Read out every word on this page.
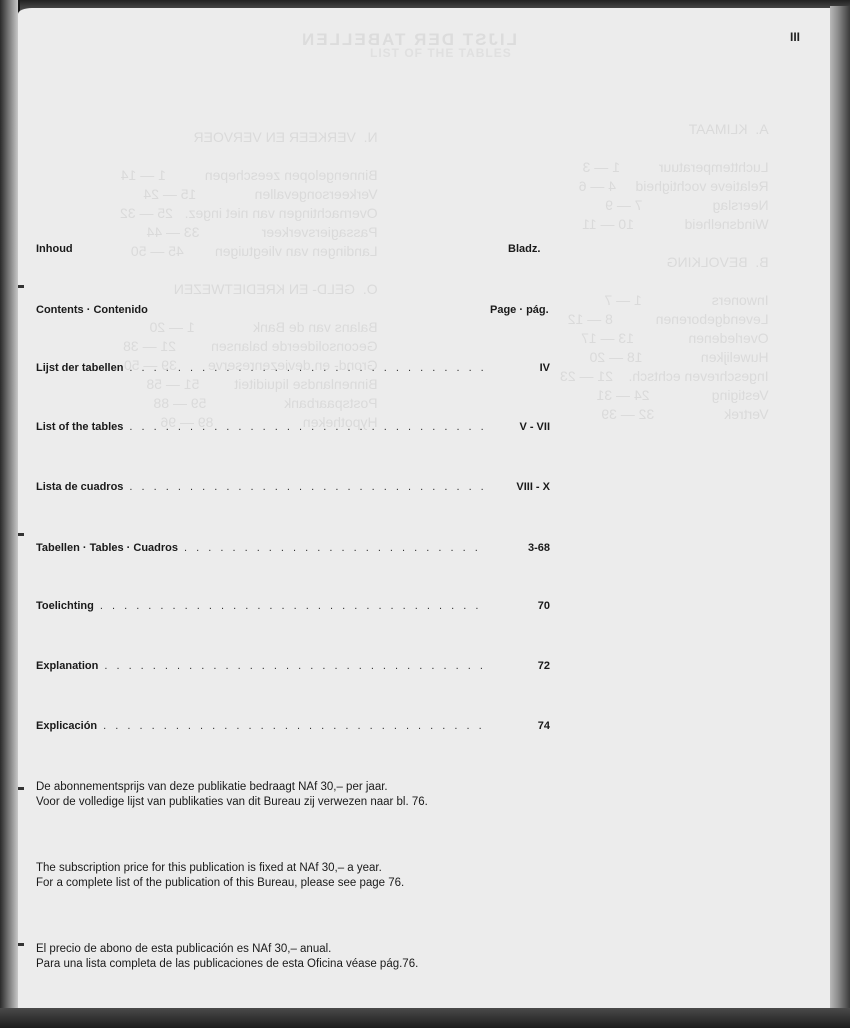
LIJST DER TABELLEN
LIST OF THE TABLES
N.  VERKEER EN VERVOER

Binnengelopen zeeschepen          1 — 14
Verkeersongevallen               15 — 24
Overnachtingen van niet ingez.   25 — 32
Passagiersverkeer                33 — 44
Landingen van vliegtuigen        45 — 50

O.  GELD- EN KREDIETWEZEN

Balans van de Bank               1 — 20
Geconsolideerde balansen         21 — 38
Grond- en deviezenreserve        39 — 50
Binnenlandse liquiditeit         51 — 58
Postspaarbank                    59 — 88
Hypotheken                       89 — 96
A.  KLIMAAT

Luchttemperatuur          1 — 3
Relatieve vochtigheid     4 — 6
Neerslag                  7 — 9
Windsnelheid             10 — 11

B.  BEVOLKING

Inwoners                  1 — 7
Levendgeborenen           8 — 12
Overledenen              13 — 17
Huwelijken               18 — 20
Ingeschreven echtsch.    21 — 23
Vestiging                24 — 31
Vertrek                  32 — 39
III
Inhoud	Bladz.
Contents · Contenido	Page · pág.
Lijst der tabellen . . .	IV
List of the tables . . .	V - VII
Lista de cuadros . . .	VIII - X
Tabellen · Tables · Cuadros . . .	3-68
Toelichting . . .	70
Explanation . . .	72
Explicación . . .	74
De abonnementsprijs van deze publikatie bedraagt NAf 30,– per jaar.
Voor de volledige lijst van publikaties van dit Bureau zij verwezen naar bl. 76.
The subscription price for this publication is fixed at NAf 30,– a year.
For a complete list of the publication of this Bureau, please see page 76.
El precio de abono de esta publicación es NAf 30,– anual.
Para una lista completa de las publicaciones de esta Oficina véase pág.76.
